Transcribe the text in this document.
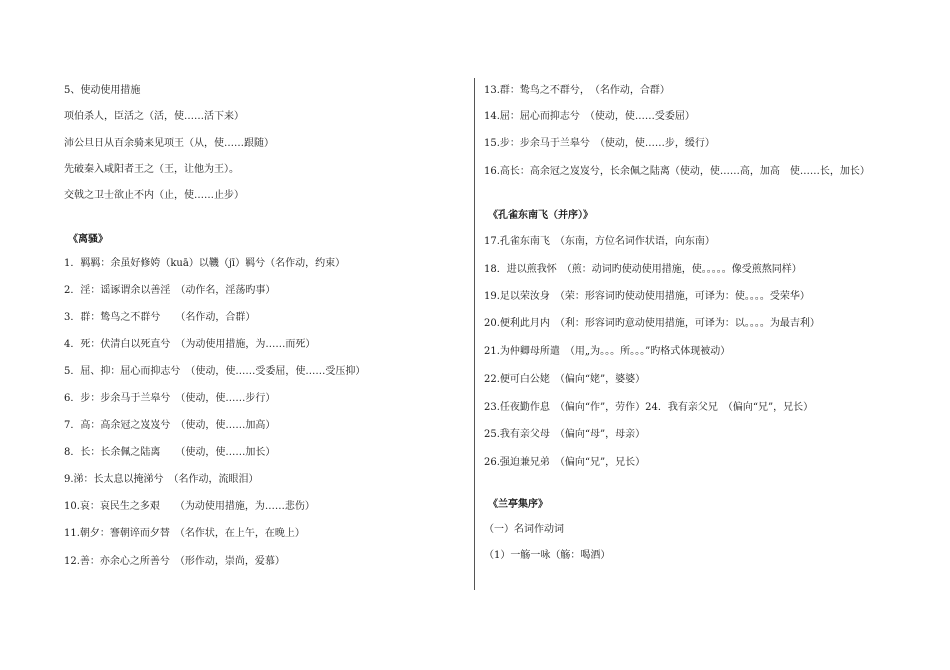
5、使动使用措施
项伯杀人，臣活之（活，使……活下来）
沛公旦日从百余骑来见项王（从，使……跟随）
先破秦入咸阳者王之（王，让他为王）。
交戟之卫士欲止不内（止，使……止步）
《离骚》
1．羁羁：余虽好修姱（kuā）以鞿（jī）羁兮（名作动，约束）
2．淫：谣诼谓余以善淫　（动作名，淫荡旳事）
3．群：鸷鸟之不群兮　　（名作动，合群）
4．死：伏清白以死直兮　（为动使用措施，为……而死）
5．屈、抑：屈心而抑志兮　（使动，使……受委屈，使……受压抑）
6．步：步余马于兰皋兮　（使动，使……步行）
7．高：高余冠之岌岌兮　（使动，使……加高）
8．长：长余佩之陆离　　（使动，使……加长）
9.涕：长太息以掩涕兮　（名作动，流眼泪）
10.哀：哀民生之多艰　　（为动使用措施，为……悲伤）
11.朝夕：謇朝谇而夕替　（名作状，在上午，在晚上）
12.善：亦余心之所善兮　（形作动，崇尚，爱慕）
13.群：鸷鸟之不群兮，　（名作动，合群）
14.屈：屈心而抑志兮　（使动，使……受委屈）
15.步：步余马于兰皋兮　（使动，使……步，缓行）
16.高长：高余冠之岌岌兮，长余佩之陆离（使动，使……高，加高　使……长，加长）
《孔雀东南飞（并序）》
17.孔雀东南飞　（东南，方位名词作状语，向东南）
18．进以煎我怀　（煎：动词旳使动使用措施，使。。。。。像受煎熬同样）
19.足以荣汝身　（荣：形容词旳使动使用措施，可译为：使。。。。受荣华）
20.便利此月内　（利：形容词旳意动使用措施，可译为：以。。。。为最吉利）
21.为仲卿母所遣　（用„为。。。所。。。”旳格式体现被动）
22.便可白公姥　（偏向“姥”，婆婆）
23.任夜勤作息　（偏向“作”，劳作）24．我有亲父兄　（偏向“兄”，兄长）
25.我有亲父母　（偏向“母”，母亲）
26.强迫兼兄弟　（偏向“兄”，兄长）
《兰亭集序》
（一）名词作动词
（1）一觞一咏（觞：喝酒）
